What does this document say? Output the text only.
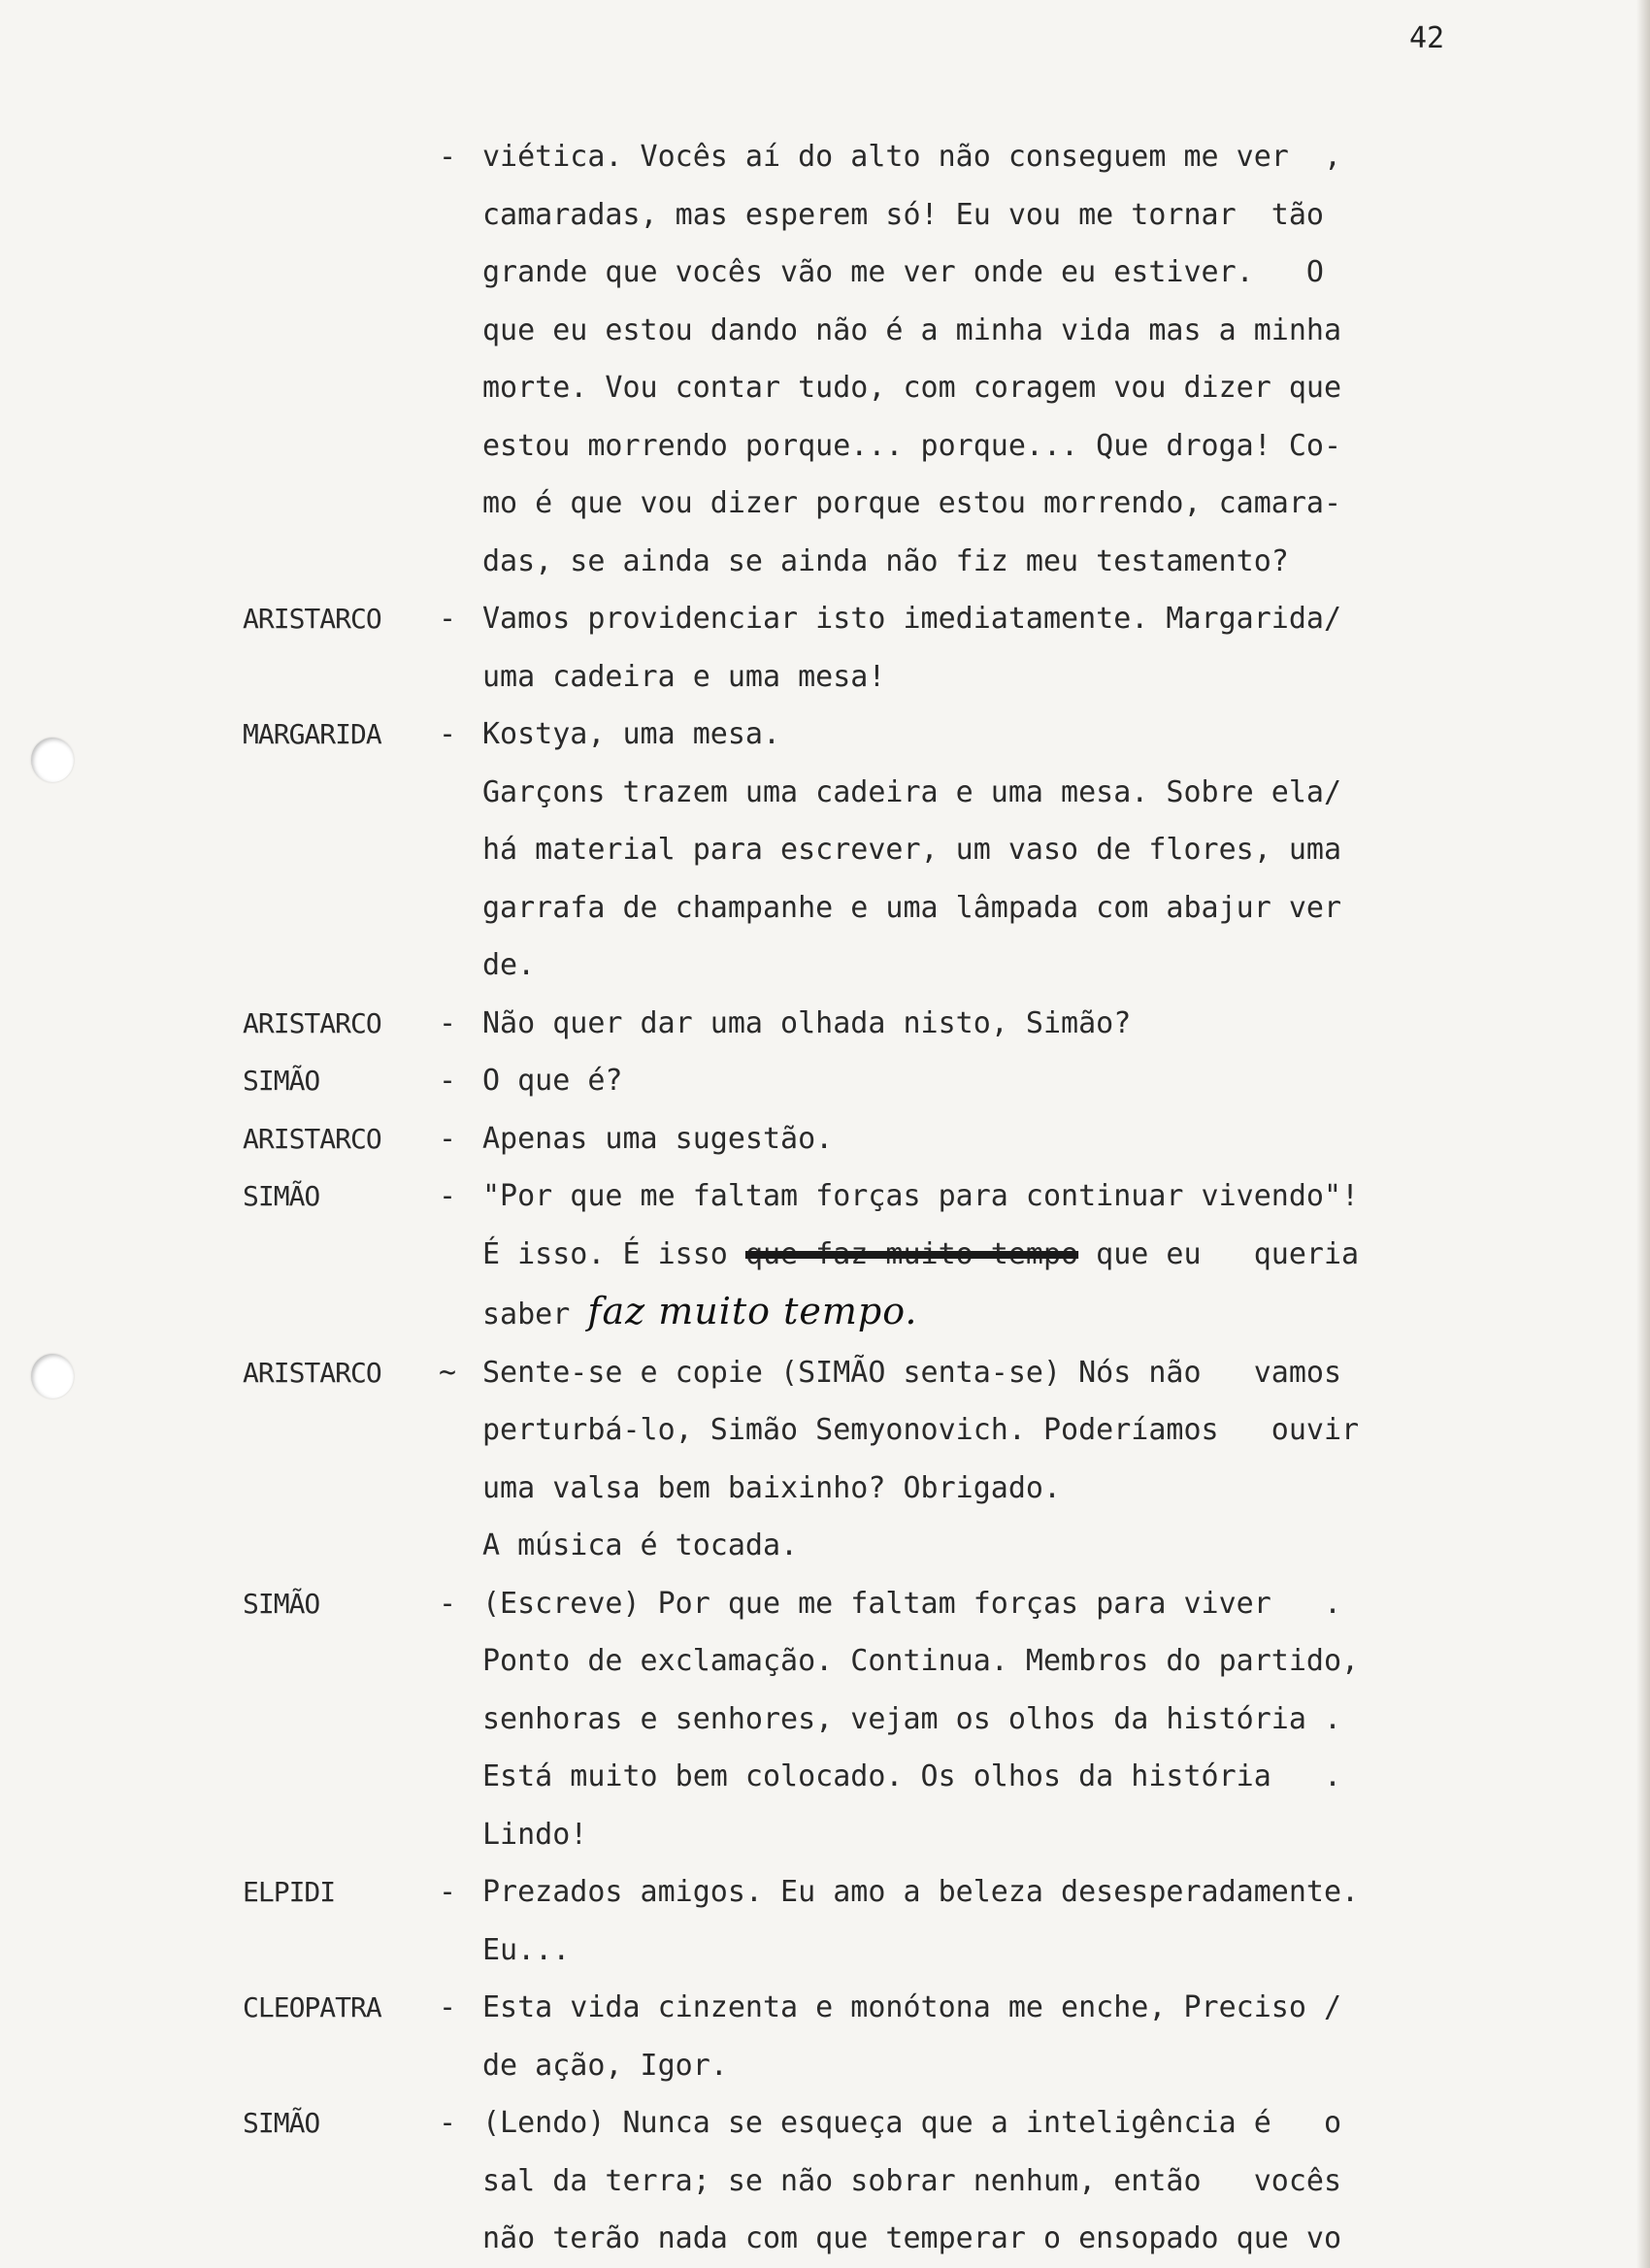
42
- viética. Vocês aí do alto não conseguem me ver  ,
camaradas, mas esperem só! Eu vou me tornar  tão
grande que vocês vão me ver onde eu estiver.   O
que eu estou dando não é a minha vida mas a minha
morte. Vou contar tudo, com coragem vou dizer que
estou morrendo porque... porque... Que droga! Co-
mo é que vou dizer porque estou morrendo, camara-
das, se ainda se ainda não fiz meu testamento?
ARISTARCO	- Vamos providenciar isto imediatamente. Margarida/
uma cadeira e uma mesa!
MARGARIDA	- Kostya, uma mesa.
Garçons trazem uma cadeira e uma mesa. Sobre ela/
há material para escrever, um vaso de flores, uma
garrafa de champanhe e uma lâmpada com abajur ver
de.
ARISTARCO	- Não quer dar uma olhada nisto, Simão?
SIMÃO	- O que é?
ARISTARCO	- Apenas uma sugestão.
SIMÃO	- "Por que me faltam forças para continuar vivendo"!
É isso. É isso que faz muito tempo que eu   queria
saber faz muito tempo.
ARISTARCO	~ Sente-se e copie (SIMÃO senta-se) Nós não   vamos
perturbá-lo, Simão Semyonovich. Poderíamos   ouvir
uma valsa bem baixinho? Obrigado.
A música é tocada.
SIMÃO	- (Escreve) Por que me faltam forças para viver   .
Ponto de exclamação. Continua. Membros do partido,
senhoras e senhores, vejam os olhos da história .
Está muito bem colocado. Os olhos da história   .
Lindo!
ELPIDI	- Prezados amigos. Eu amo a beleza desesperadamente.
Eu...
CLEOPATRA	- Esta vida cinzenta e monótona me enche, Preciso /
de ação, Igor.
SIMÃO	- (Lendo) Nunca se esqueça que a inteligência é   o
sal da terra; se não sobrar nenhum, então   vocês
não terão nada com que temperar o ensopado que vo
